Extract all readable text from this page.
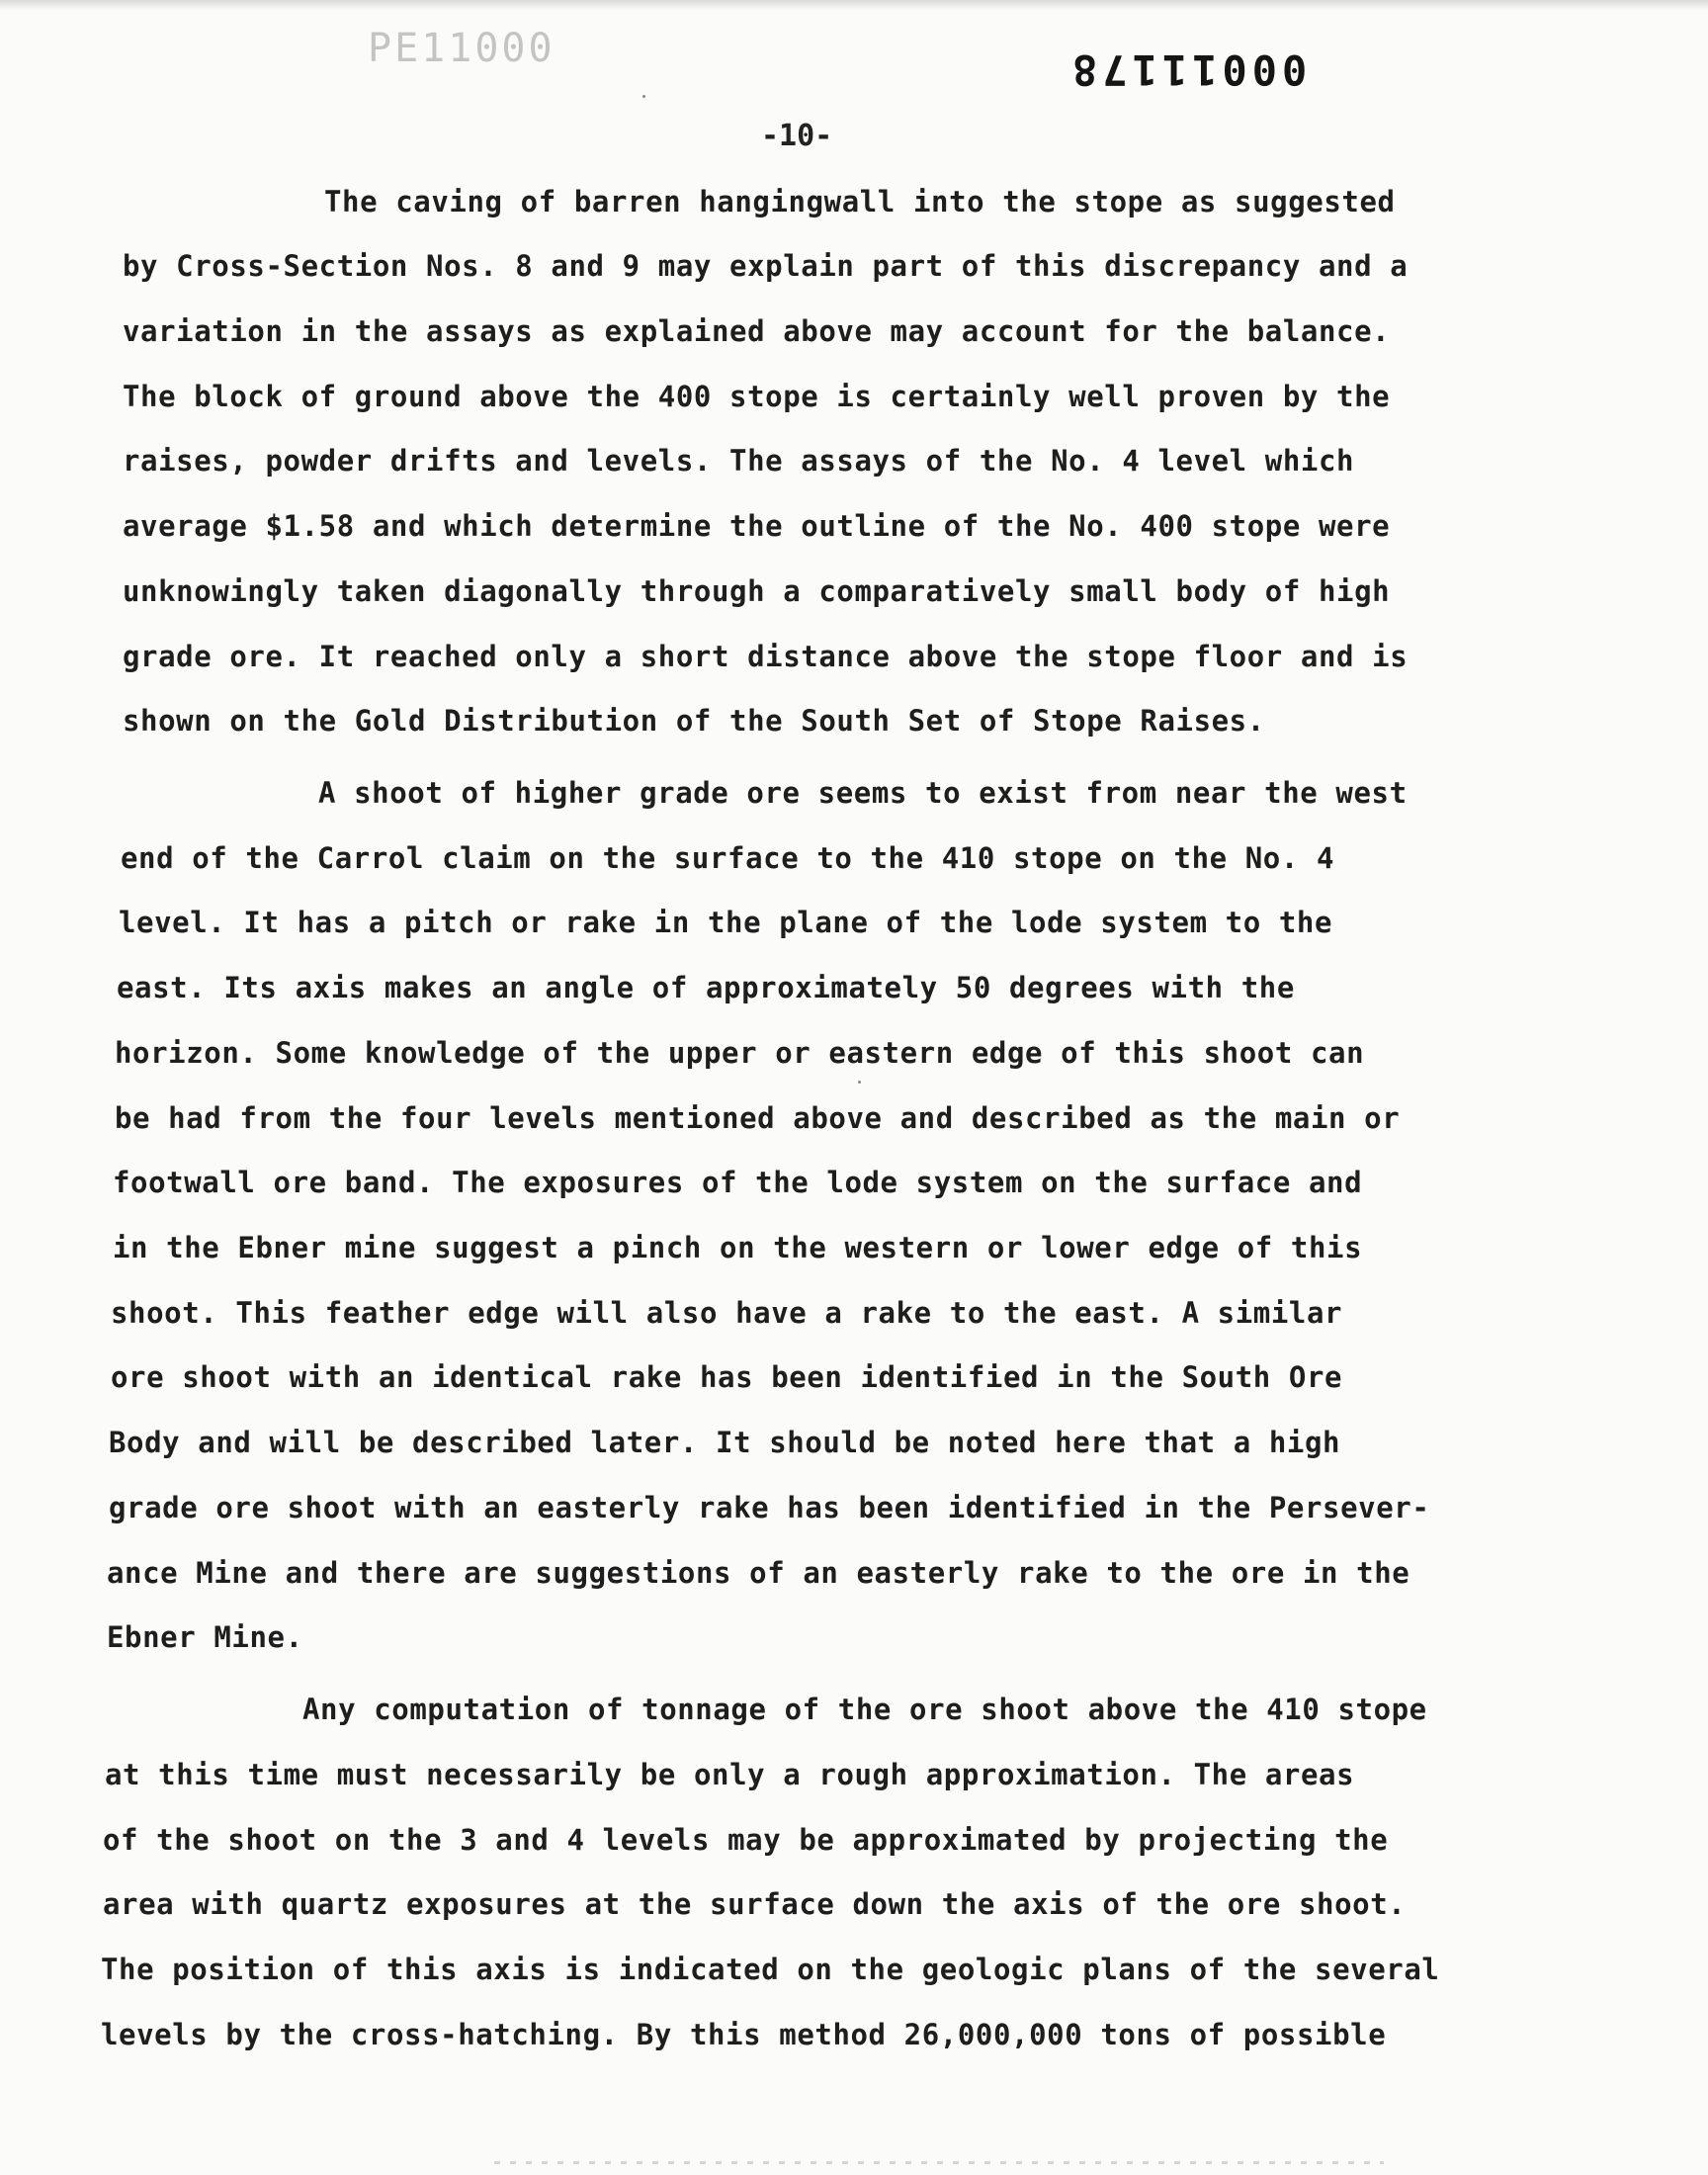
PE11000	00011178
-10-
The caving of barren hangingwall into the stope as suggested
by Cross-Section Nos. 8 and 9 may explain part of this discrepancy and a
variation in the assays as explained above may account for the balance.
The block of ground above the 400 stope is certainly well proven by the
raises, powder drifts and levels. The assays of the No. 4 level which
average $1.58 and which determine the outline of the No. 400 stope were
unknowingly taken diagonally through a comparatively small body of high
grade ore. It reached only a short distance above the stope floor and is
shown on the Gold Distribution of the South Set of Stope Raises.
A shoot of higher grade ore seems to exist from near the west
end of the Carrol claim on the surface to the 410 stope on the No. 4
level. It has a pitch or rake in the plane of the lode system to the
east. Its axis makes an angle of approximately 50 degrees with the
horizon. Some knowledge of the upper or eastern edge of this shoot can
be had from the four levels mentioned above and described as the main or
footwall ore band. The exposures of the lode system on the surface and
in the Ebner mine suggest a pinch on the western or lower edge of this
shoot. This feather edge will also have a rake to the east. A similar
ore shoot with an identical rake has been identified in the South Ore
Body and will be described later. It should be noted here that a high
grade ore shoot with an easterly rake has been identified in the Persever-
ance Mine and there are suggestions of an easterly rake to the ore in the
Ebner Mine.
Any computation of tonnage of the ore shoot above the 410 stope
at this time must necessarily be only a rough approximation. The areas
of the shoot on the 3 and 4 levels may be approximated by projecting the
area with quartz exposures at the surface down the axis of the ore shoot.
The position of this axis is indicated on the geologic plans of the several
levels by the cross-hatching. By this method 26,000,000 tons of possible
